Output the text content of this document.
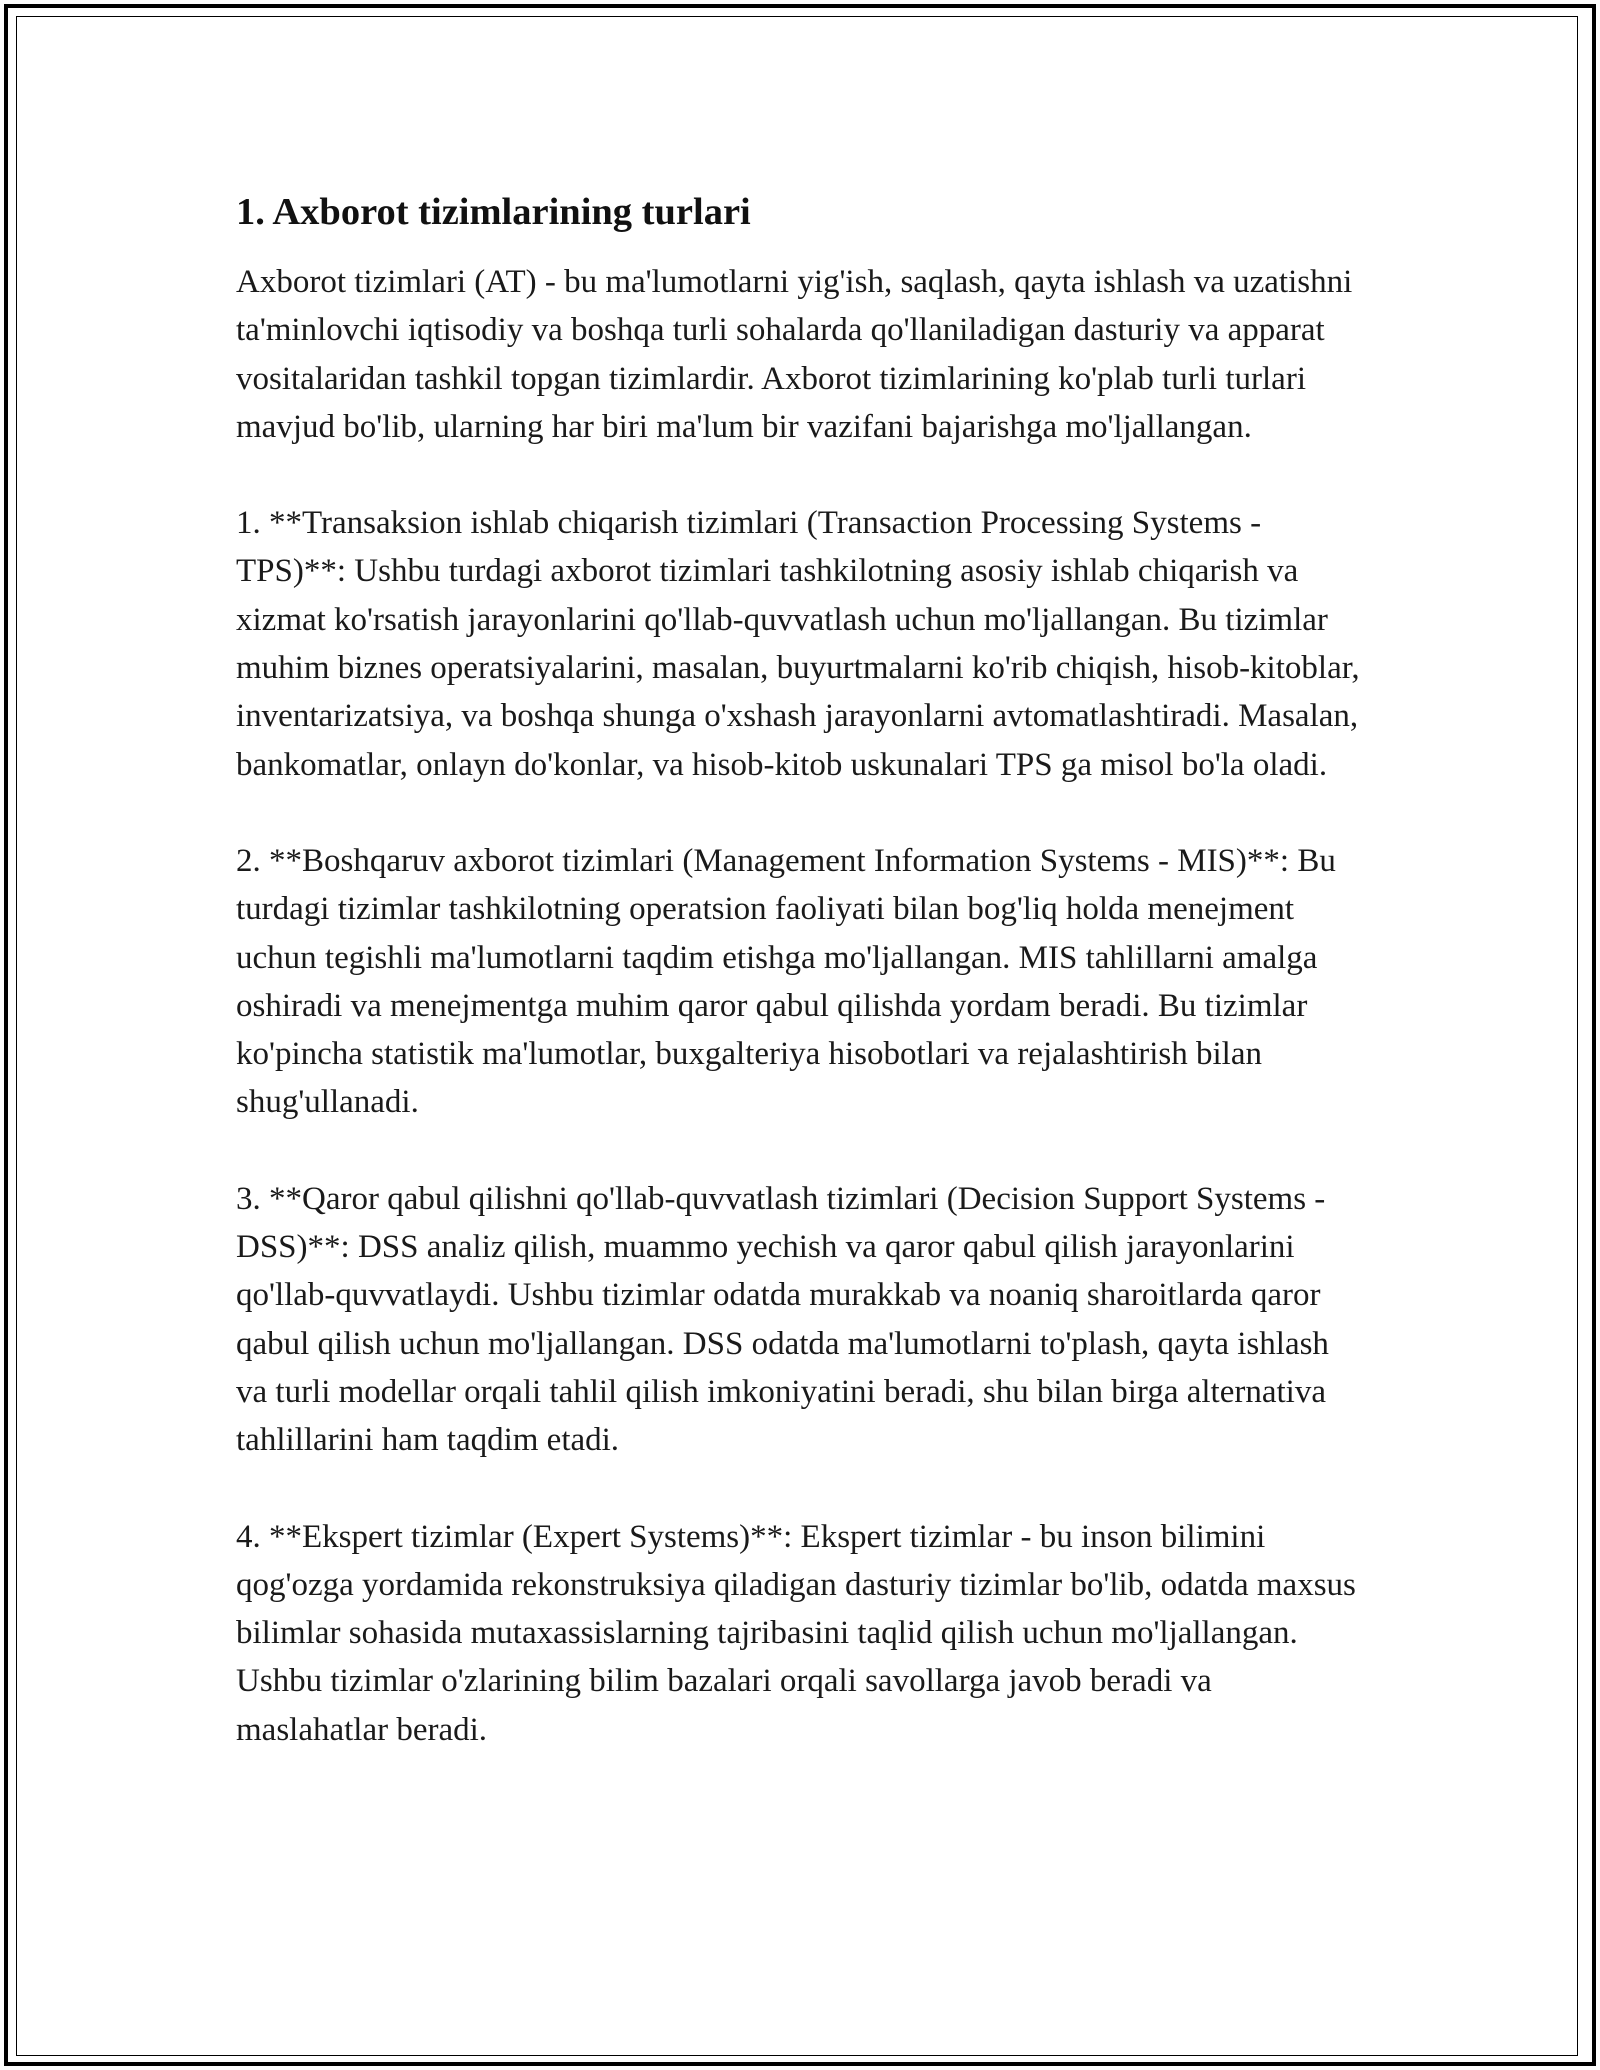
1. Axborot tizimlarining turlari

Axborot tizimlari (AT) - bu ma'lumotlarni yig'ish, saqlash, qayta ishlash va uzatishni ta'minlovchi iqtisodiy va boshqa turli sohalarda qo'llaniladigan dasturiy va apparat vositalaridan tashkil topgan tizimlardir. Axborot tizimlarining ko'plab turli turlari mavjud bo'lib, ularning har biri ma'lum bir vazifani bajarishga mo'ljallangan.

1. **Transaksion ishlab chiqarish tizimlari (Transaction Processing Systems - TPS)**: Ushbu turdagi axborot tizimlari tashkilotning asosiy ishlab chiqarish va xizmat ko'rsatish jarayonlarini qo'llab-quvvatlash uchun mo'ljallangan. Bu tizimlar muhim biznes operatsiyalarini, masalan, buyurtmalarni ko'rib chiqish, hisob-kitoblar, inventarizatsiya, va boshqa shunga o'xshash jarayonlarni avtomatlashtiradi. Masalan, bankomatlar, onlayn do'konlar, va hisob-kitob uskunalari TPS ga misol bo'la oladi.

2. **Boshqaruv axborot tizimlari (Management Information Systems - MIS)**: Bu turdagi tizimlar tashkilotning operatsion faoliyati bilan bog'liq holda menejment uchun tegishli ma'lumotlarni taqdim etishga mo'ljallangan. MIS tahlillarni amalga oshiradi va menejmentga muhim qaror qabul qilishda yordam beradi. Bu tizimlar ko'pincha statistik ma'lumotlar, buxgalteriya hisobotlari va rejalashtirish bilan shug'ullanadi.

3. **Qaror qabul qilishni qo'llab-quvvatlash tizimlari (Decision Support Systems - DSS)**: DSS analiz qilish, muammo yechish va qaror qabul qilish jarayonlarini qo'llab-quvvatlaydi. Ushbu tizimlar odatda murakkab va noaniq sharoitlarda qaror qabul qilish uchun mo'ljallangan. DSS odatda ma'lumotlarni to'plash, qayta ishlash va turli modellar orqali tahlil qilish imkoniyatini beradi, shu bilan birga alternativa tahlillarini ham taqdim etadi.

4. **Ekspert tizimlar (Expert Systems)**: Ekspert tizimlar - bu inson bilimini qog'ozga yordamida rekonstruksiya qiladigan dasturiy tizimlar bo'lib, odatda maxsus bilimlar sohasida mutaxassislarning tajribasini taqlid qilish uchun mo'ljallangan. Ushbu tizimlar o'zlarining bilim bazalari orqali savollarga javob beradi va maslahatlar beradi.
